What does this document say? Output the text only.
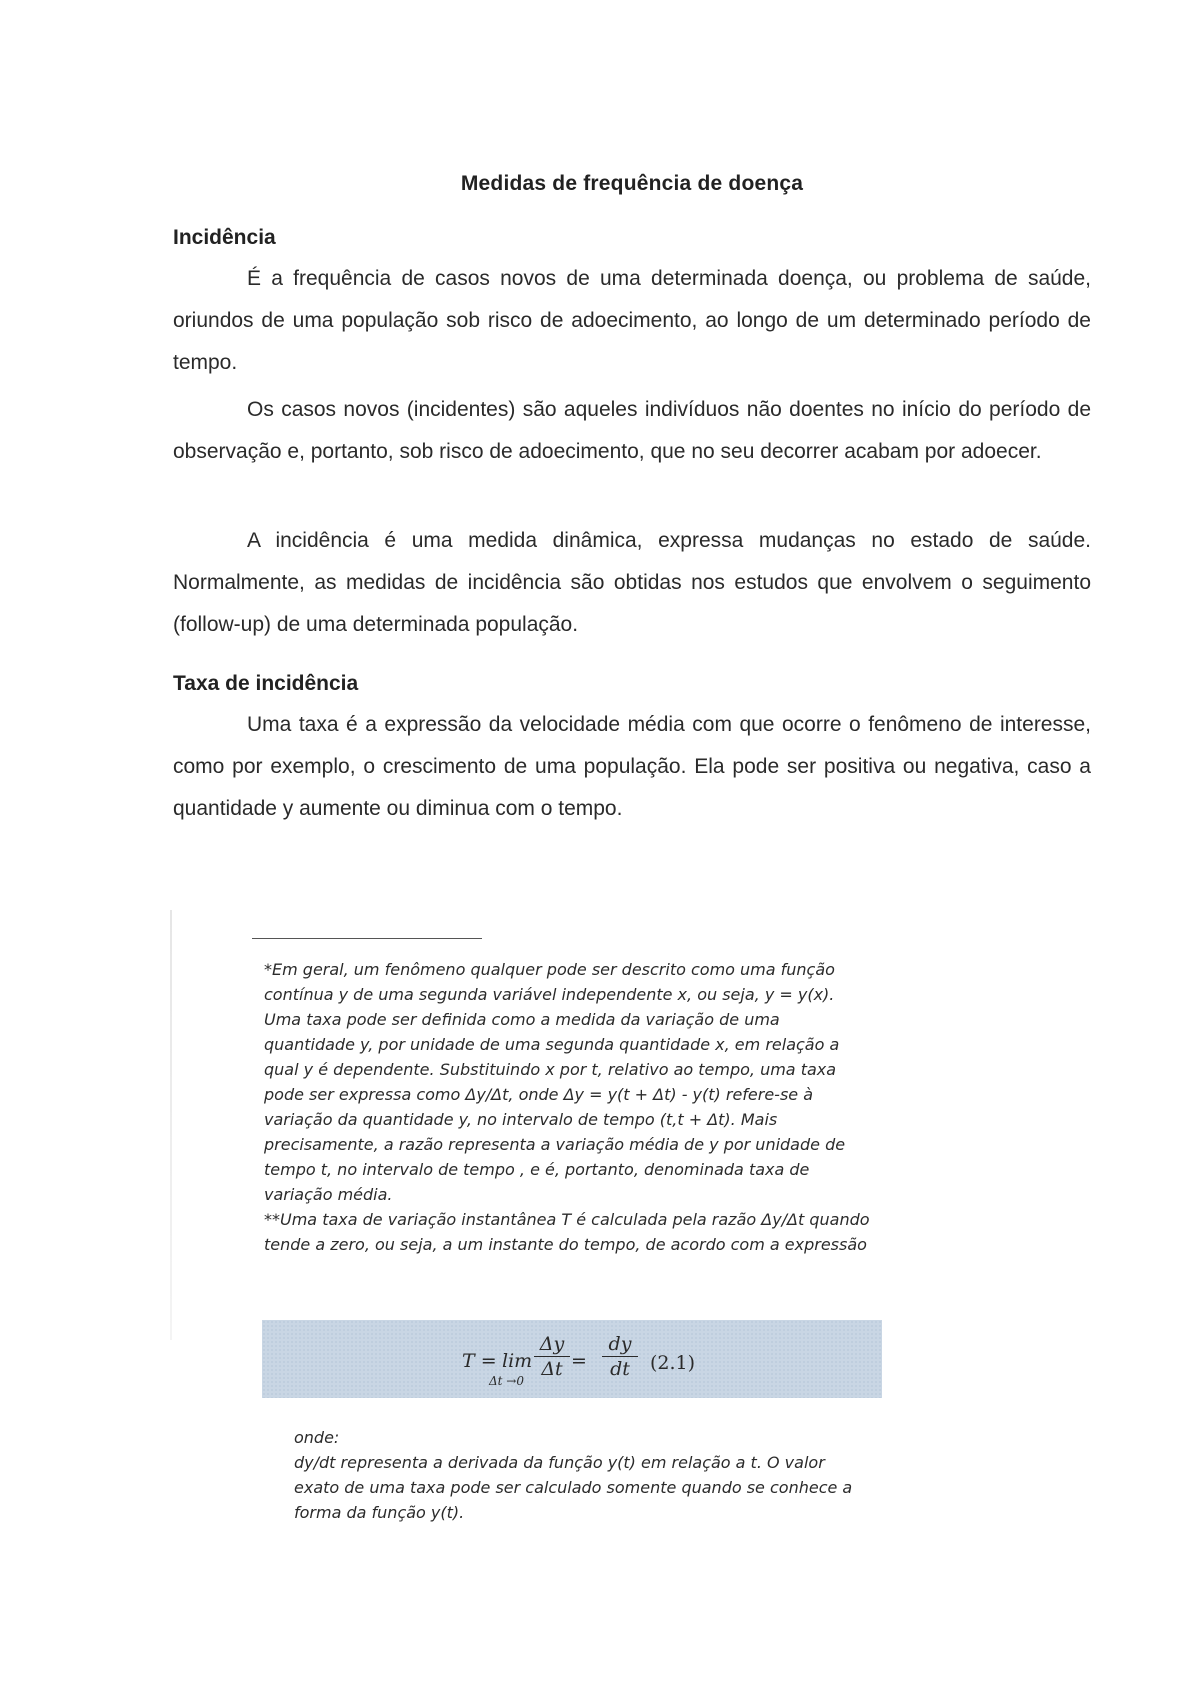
Medidas de frequência de doença
Incidência

É a frequência de casos novos de uma determinada doença, ou problema de saúde, oriundos de uma população sob risco de adoecimento, ao longo de um determinado período de tempo.

Os casos novos (incidentes) são aqueles indivíduos não doentes no início do período de observação e, portanto, sob risco de adoecimento, que no seu decorrer acabam por adoecer.

A incidência é uma medida dinâmica, expressa mudanças no estado de saúde. Normalmente, as medidas de incidência são obtidas nos estudos que envolvem o seguimento (follow-up) de uma determinada população.

Taxa de incidência

Uma taxa é a expressão da velocidade média com que ocorre o fenômeno de interesse, como por exemplo, o crescimento de uma população. Ela pode ser positiva ou negativa, caso a quantidade y aumente ou diminua com o tempo.

*Em geral, um fenômeno qualquer pode ser descrito como uma função contínua y de uma segunda variável independente x, ou seja, y = y(x). Uma taxa pode ser definida como a medida da variação de uma quantidade y, por unidade de uma segunda quantidade x, em relação a qual y é dependente. Substituindo x por t, relativo ao tempo, uma taxa pode ser expressa como Δy/Δt, onde Δy = y(t + Δt) - y(t) refere-se à variação da quantidade y, no intervalo de tempo (t,t + Δt). Mais precisamente, a razão representa a variação média de y por unidade de tempo t, no intervalo de tempo , e é, portanto, denominada taxa de variação média.

**Uma taxa de variação instantânea T é calculada pela razão Δy/Δt quando tende a zero, ou seja, a um instante do tempo, de acordo com a expressão

T = lim
$\Delta t \to 0 \frac{\Delta y}{\Delta t} = \frac{dy}{dt} (2.1)$

onde:

dy/dt representa a derivada da função y(t) em relação a t. O valor exato de uma taxa pode ser calculado somente quando se conhece a forma da função y(t).
